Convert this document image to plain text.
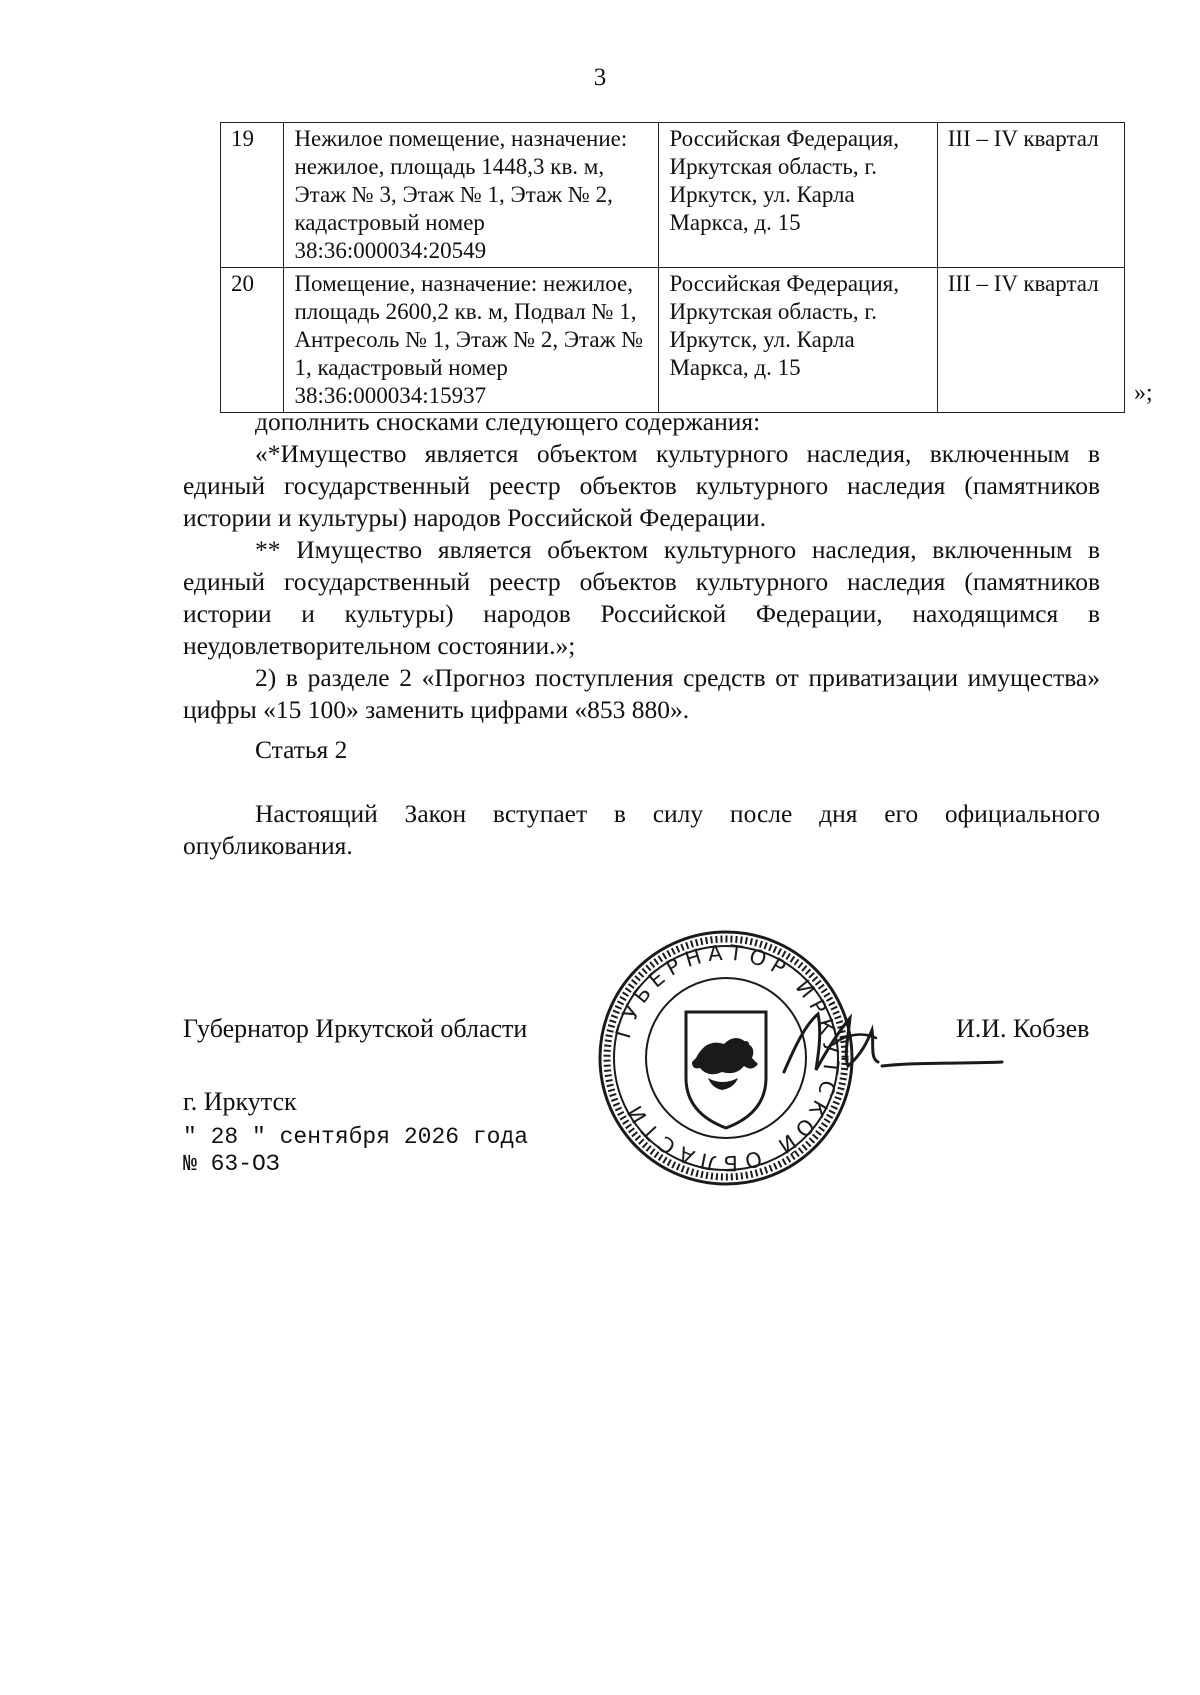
3
19	Нежилое помещение, назначение: нежилое, площадь 1448,3 кв. м, Этаж № 3, Этаж № 1, Этаж № 2, кадастровый номер 38:36:000034:20549	Российская Федерация, Иркутская область, г. Иркутск, ул. Карла Маркса, д. 15	III – IV квартал
20	Помещение, назначение: нежилое, площадь 2600,2 кв. м, Подвал № 1, Антресоль № 1, Этаж № 2, Этаж № 1, кадастровый номер 38:36:000034:15937	Российская Федерация, Иркутская область, г. Иркутск, ул. Карла Маркса, д. 15	III – IV квартал
»;

дополнить сносками следующего содержания:

«*Имущество является объектом культурного наследия, включенным в единый государственный реестр объектов культурного наследия (памятников истории и культуры) народов Российской Федерации.

** Имущество является объектом культурного наследия, включенным в единый государственный реестр объектов культурного наследия (памятников истории и культуры) народов Российской Федерации, находящимся в неудовлетворительном состоянии.»;

2) в разделе 2 «Прогноз поступления средств от приватизации имущества» цифры «15 100» заменить цифрами «853 880».

Статья 2

Настоящий Закон вступает в силу после дня его официального опубликования.

Губернатор Иркутской области	И.И. Кобзев
г. Иркутск
" 28 " сентября 2026 года
№ 63-ОЗ
ГУБЕРНАТОР ИРКУТСКОЙ ОБЛАСТИ
